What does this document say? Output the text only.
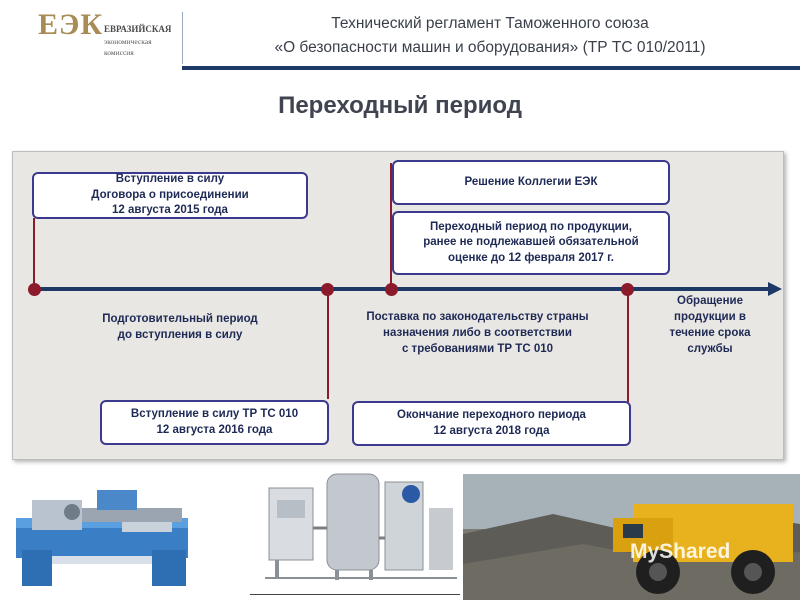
ЕЭК ЕВРАЗИЙСКАЯ
экономическая
комиссия
Технический регламент Таможенного союза
«О безопасности машин и оборудования» (ТР ТС 010/2011)
Переходный период
Вступление в силу
Договора о присоединении
12 августа 2015 года
Решение Коллегии ЕЭК
Переходный период по продукции,
ранее не подлежавшей обязательной
оценке до 12 февраля 2017 г.
Подготовительный период
до вступления в силу
Поставка по законодательству страны
назначения либо в соответствии
с требованиями ТР ТС 010
Обращение
продукции в
течение срока
службы
Вступление в силу ТР ТС 010
12 августа 2016 года
Окончание переходного периода
12 августа 2018 года
MyShared
